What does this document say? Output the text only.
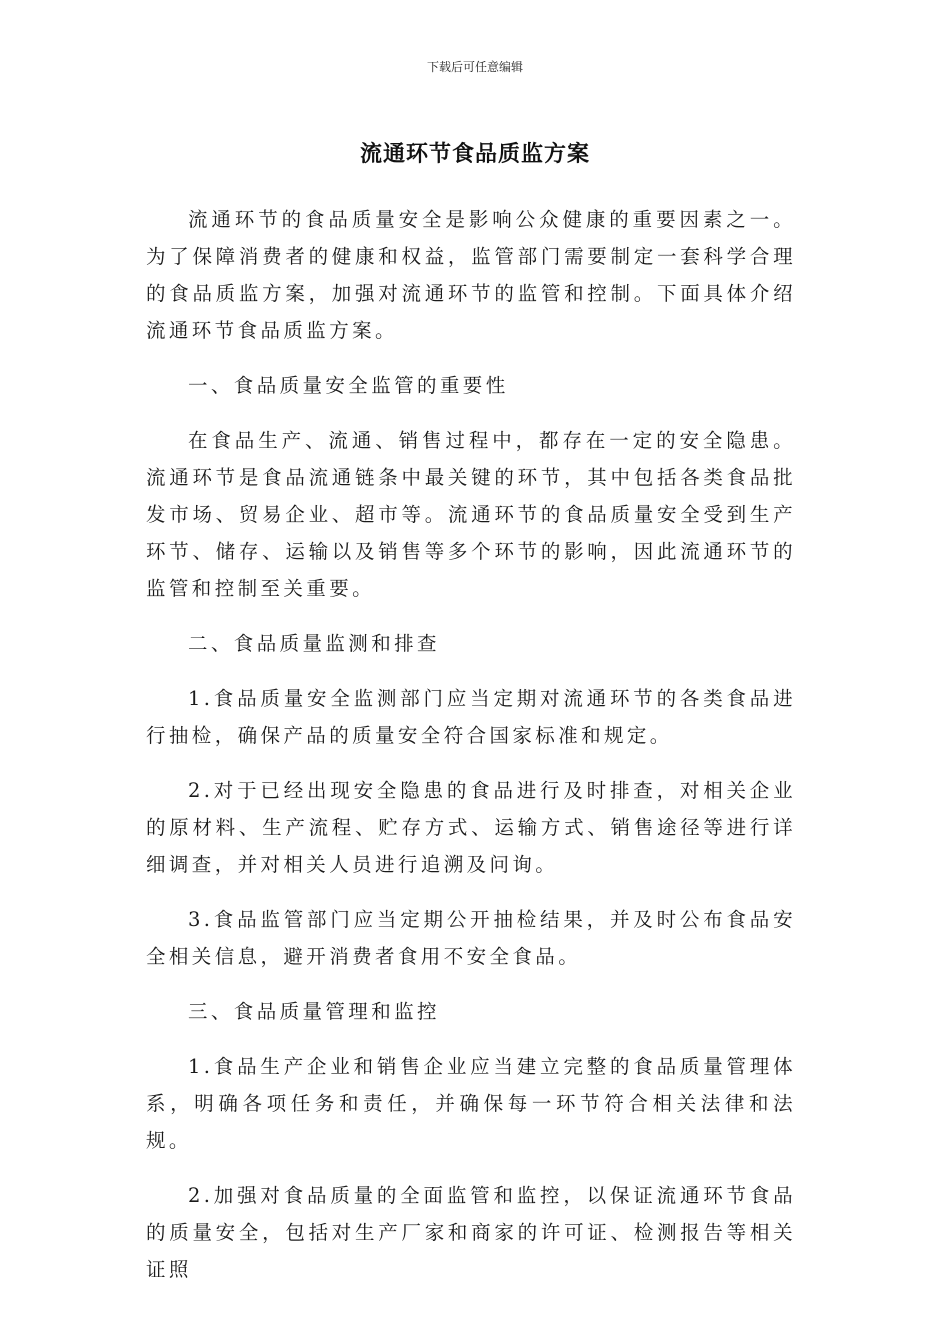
下载后可任意编辑
流通环节食品质监方案

流通环节的食品质量安全是影响公众健康的重要因素之一。为了保障消费者的健康和权益，监管部门需要制定一套科学合理的食品质监方案，加强对流通环节的监管和控制。下面具体介绍流通环节食品质监方案。

一、食品质量安全监管的重要性

在食品生产、流通、销售过程中，都存在一定的安全隐患。流通环节是食品流通链条中最关键的环节，其中包括各类食品批发市场、贸易企业、超市等。流通环节的食品质量安全受到生产环节、储存、运输以及销售等多个环节的影响，因此流通环节的监管和控制至关重要。

二、食品质量监测和排查

1.食品质量安全监测部门应当定期对流通环节的各类食品进行抽检，确保产品的质量安全符合国家标准和规定。

2.对于已经出现安全隐患的食品进行及时排查，对相关企业的原材料、生产流程、贮存方式、运输方式、销售途径等进行详细调查，并对相关人员进行追溯及问询。

3.食品监管部门应当定期公开抽检结果，并及时公布食品安全相关信息，避开消费者食用不安全食品。

三、食品质量管理和监控

1.食品生产企业和销售企业应当建立完整的食品质量管理体系，明确各项任务和责任，并确保每一环节符合相关法律和法规。

2.加强对食品质量的全面监管和监控，以保证流通环节食品的质量安全，包括对生产厂家和商家的许可证、检测报告等相关证照
